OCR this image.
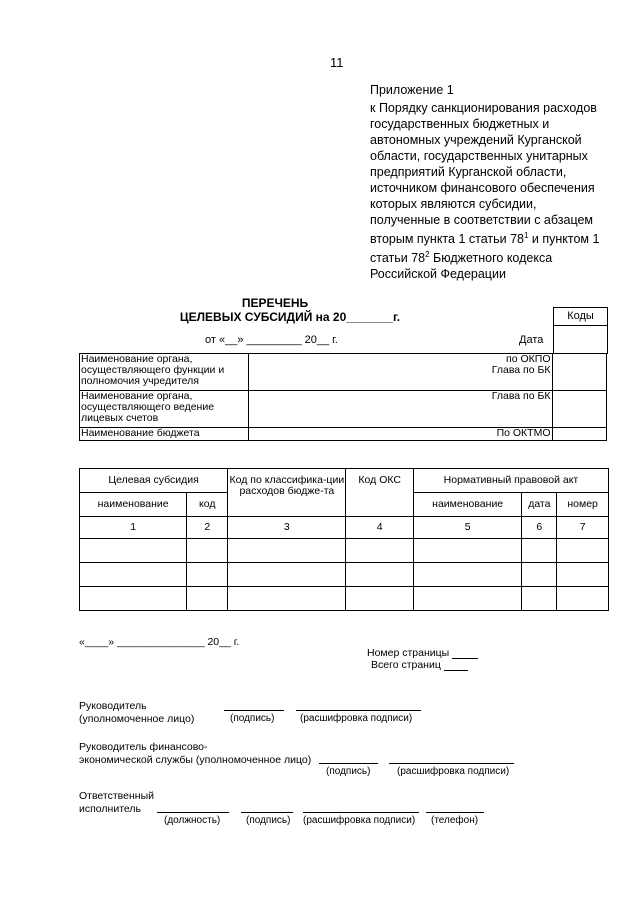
11
Приложение 1
к Порядку санкционирования расходов
государственных бюджетных и
автономных учреждений Курганской
области, государственных унитарных
предприятий Курганской области,
источником финансового обеспечения
которых являются субсидии,
полученные в соответствии с абзацем
вторым пункта 1 статьи $78^1$ и пунктом 1
статьи $78^2$ Бюджетного кодекса
Российской Федерации
ПЕРЕЧЕНЬ
ЦЕЛЕВЫХ СУБСИДИЙ на 20_______г.	Коды
от «__» _________ 20__ г.	Дата
Наименование органа, осуществляющего функции и полномочия учредителя	по ОКПО
Глава по БК	
Наименование органа, осуществляющего ведение лицевых счетов	Глава по БК	
Наименование бюджета	По ОКТМО	
Целевая субсидия		Код по классифика-ции расходов бюдже-та	Код ОКС	Нормативный правовой акт		
наименование	код			наименование	дата	номер
1	2	3	4	5	6	7

«____» _______________ 20__ г.
Номер страницы
Всего страниц
Руководитель
(уполномоченное лицо)	(подпись)	(расшифровка подписи)
Руководитель финансово-
экономической службы (уполномоченное лицо)
(подпись)	(расшифровка подписи)
Ответственный
исполнитель
(должность)	(подпись) (расшифровка подписи) (телефон)
